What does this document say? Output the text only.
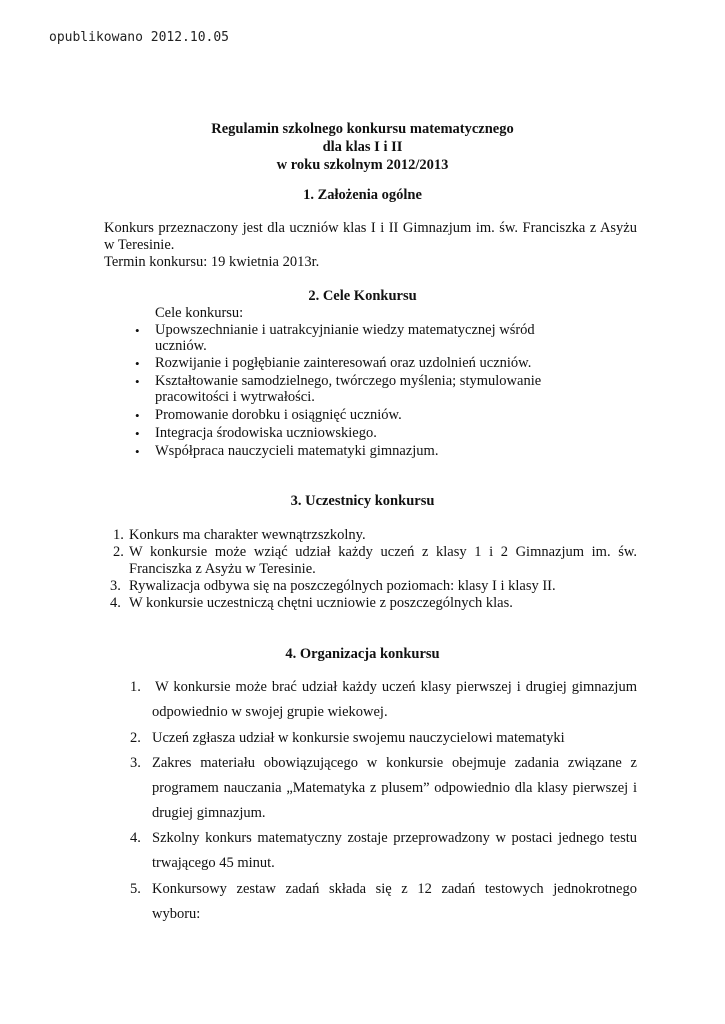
opublikowano 2012.10.05
Regulamin szkolnego konkursu matematycznego
dla klas I i II
w roku szkolnym 2012/2013
1. Założenia ogólne
Konkurs przeznaczony jest dla uczniów klas I i II Gimnazjum im. św. Franciszka z Asyżu
w Teresinie.
Termin konkursu: 19 kwietnia 2013r.
2. Cele Konkursu
Cele konkursu:
• Upowszechnianie i uatrakcyjnianie wiedzy matematycznej wśród
uczniów.
• Rozwijanie i pogłębianie zainteresowań oraz uzdolnień uczniów.
• Kształtowanie samodzielnego, twórczego myślenia; stymulowanie
pracowitości i wytrwałości.
• Promowanie dorobku i osiągnięć uczniów.
• Integracja środowiska uczniowskiego.
• Współpraca nauczycieli matematyki gimnazjum.
3. Uczestnicy konkursu
1. Konkurs ma charakter wewnątrzszkolny.
2. W konkursie może wziąć udział każdy uczeń z klasy 1 i 2 Gimnazjum im. św.
Franciszka z Asyżu w Teresinie.
3. Rywalizacja odbywa się na poszczególnych poziomach: klasy I i klasy II.
4. W konkursie uczestniczą chętni uczniowie z poszczególnych klas.
4. Organizacja konkursu
1. W konkursie może brać udział każdy uczeń klasy pierwszej i drugiej gimnazjum
odpowiednio w swojej grupie wiekowej.
2. Uczeń zgłasza udział w konkursie swojemu nauczycielowi matematyki
3. Zakres materiału obowiązującego w konkursie obejmuje zadania związane z
programem nauczania „Matematyka z plusem” odpowiednio dla klasy pierwszej i
drugiej gimnazjum.
4. Szkolny konkurs matematyczny zostaje przeprowadzony w postaci jednego testu
trwającego 45 minut.
5. Konkursowy zestaw zadań składa się z 12 zadań testowych jednokrotnego
wyboru:
